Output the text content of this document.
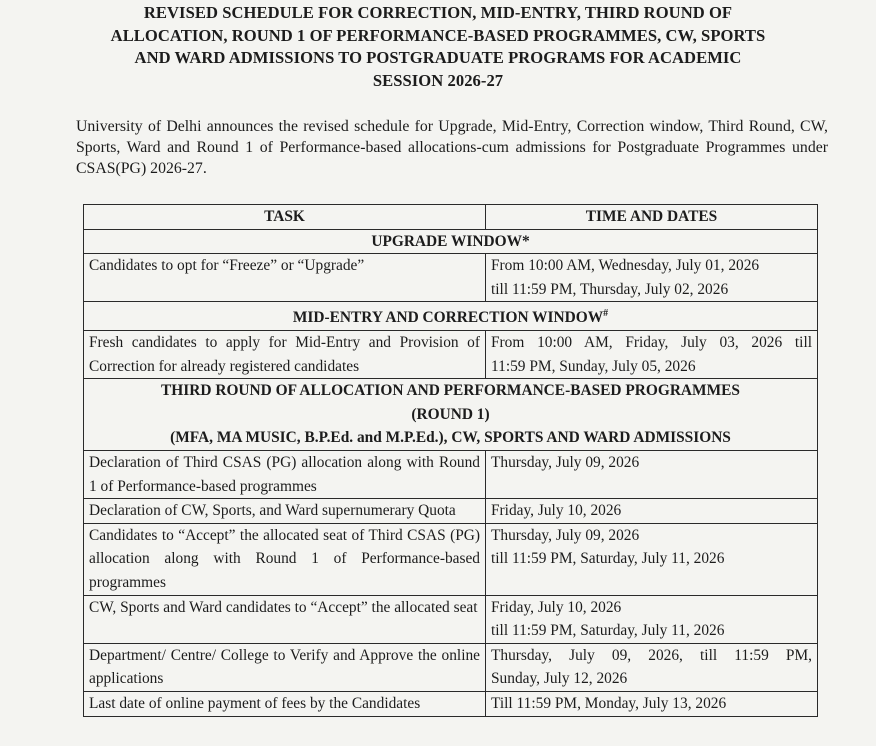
REVISED SCHEDULE FOR CORRECTION, MID-ENTRY, THIRD ROUND OF
ALLOCATION, ROUND 1 OF PERFORMANCE-BASED PROGRAMMES, CW, SPORTS
AND WARD ADMISSIONS TO POSTGRADUATE PROGRAMS FOR ACADEMIC
SESSION 2026-27
University of Delhi announces the revised schedule for Upgrade, Mid-Entry, Correction window, Third Round, CW, Sports, Ward and Round 1 of Performance-based allocations-cum admissions for Postgraduate Programmes under CSAS(PG) 2026-27.
TASK	TIME AND DATES
UPGRADE WINDOW*	
Candidates to opt for “Freeze” or “Upgrade”	From 10:00 AM, Wednesday, July 01, 2026
till 11:59 PM, Thursday, July 02, 2026

MID-ENTRY AND CORRECTION WINDOW#
Fresh candidates to apply for Mid-Entry and Provision of Correction for already registered candidates	From 10:00 AM, Friday, July 03, 2026 till
11:59 PM, Sunday, July 05, 2026

THIRD ROUND OF ALLOCATION AND PERFORMANCE-BASED PROGRAMMES
(ROUND 1)
(MFA, MA MUSIC, B.P.Ed. and M.P.Ed.), CW, SPORTS AND WARD ADMISSIONS	

Declaration of Third CSAS (PG) allocation along with Round 1 of Performance-based programmes	Thursday, July 09, 2026

Declaration of CW, Sports, and Ward supernumerary Quota	Friday, July 10, 2026

Candidates to “Accept” the allocated seat of Third CSAS (PG) allocation along with Round 1 of Performance-based programmes	Thursday, July 09, 2026
till 11:59 PM, Saturday, July 11, 2026

CW, Sports and Ward candidates to “Accept” the allocated seat	Friday, July 10, 2026
till 11:59 PM, Saturday, July 11, 2026

Department/ Centre/ College to Verify and Approve the online applications	Thursday, July 09, 2026, till 11:59 PM,
Sunday, July 12, 2026

Last date of online payment of fees by the Candidates	Till 11:59 PM, Monday, July 13, 2026
